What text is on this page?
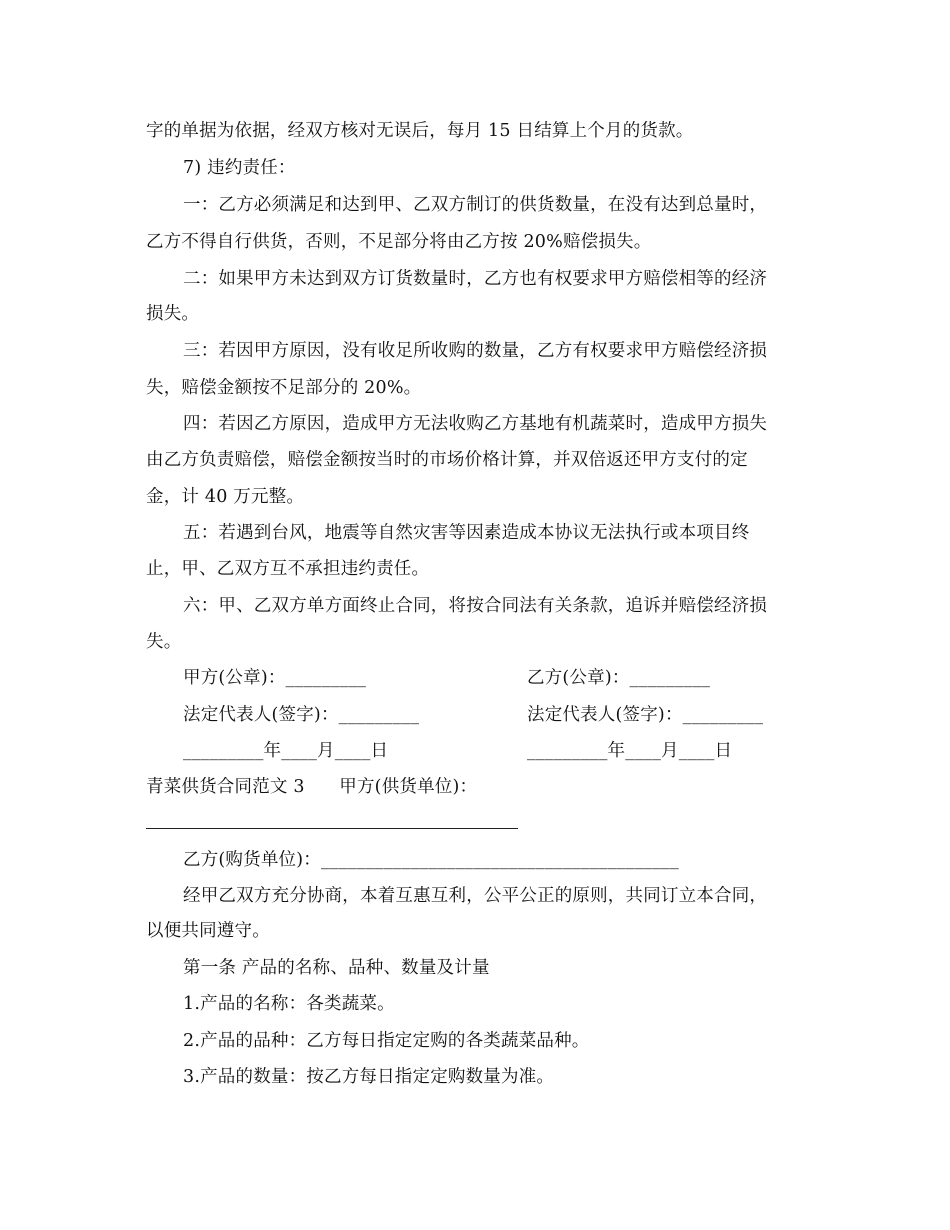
字的单据为依据，经双方核对无误后，每月 15 日结算上个月的货款。
7) 违约责任：
一：乙方必须满足和达到甲、乙双方制订的供货数量，在没有达到总量时，
乙方不得自行供货，否则，不足部分将由乙方按 20%赔偿损失。
二：如果甲方未达到双方订货数量时，乙方也有权要求甲方赔偿相等的经济
损失。
三：若因甲方原因，没有收足所收购的数量，乙方有权要求甲方赔偿经济损
失，赔偿金额按不足部分的 20%。
四：若因乙方原因，造成甲方无法收购乙方基地有机蔬菜时，造成甲方损失
由乙方负责赔偿，赔偿金额按当时的市场价格计算，并双倍返还甲方支付的定
金，计 40 万元整。
五：若遇到台风，地震等自然灾害等因素造成本协议无法执行或本项目终
止，甲、乙双方互不承担违约责任。
六：甲、乙双方单方面终止合同，将按合同法有关条款，追诉并赔偿经济损
失。
甲方(公章)：_________	乙方(公章)：_________
法定代表人(签字)：_________	法定代表人(签字)：_________
_________年____月____日	_________年____月____日
青菜供货合同范文 3      甲方(供货单位)：
乙方(购货单位)：________________________________________
经甲乙双方充分协商，本着互惠互利，公平公正的原则，共同订立本合同，
以便共同遵守。
第一条 产品的名称、品种、数量及计量
1.产品的名称：各类蔬菜。
2.产品的品种：乙方每日指定定购的各类蔬菜品种。
3.产品的数量：按乙方每日指定定购数量为准。
